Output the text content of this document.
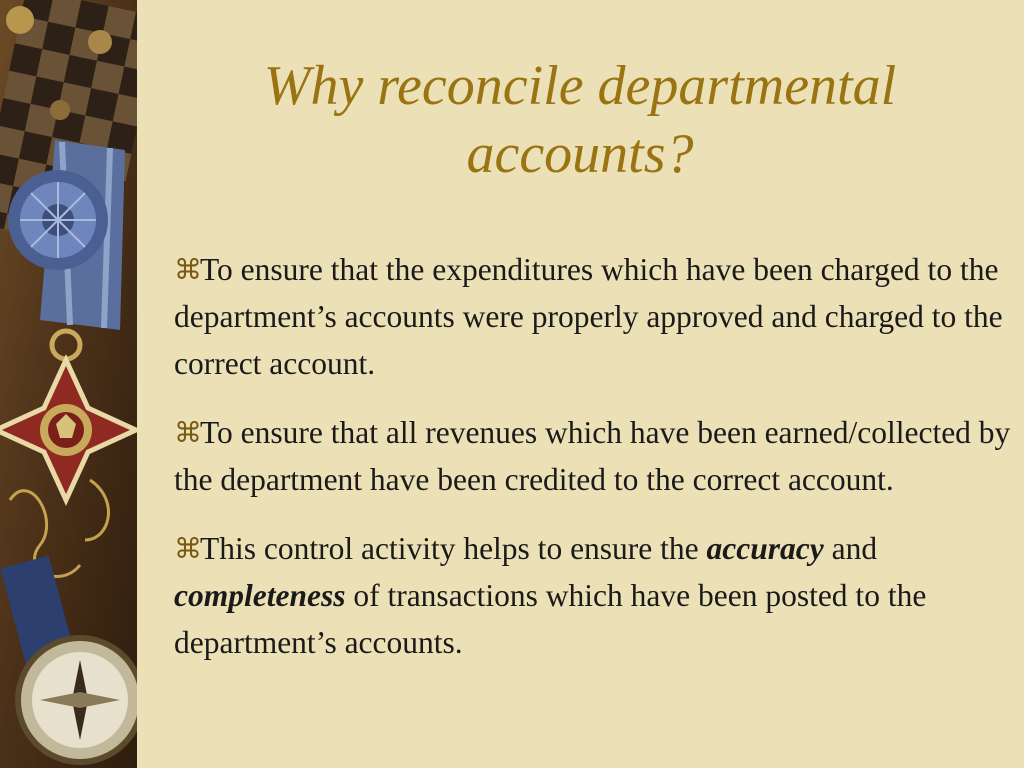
Why reconcile departmental
accounts?
⌘To ensure that the expenditures which have been charged to the department’s accounts were properly approved and charged to the correct account.
⌘To ensure that all revenues which have been earned/collected by the department have been credited to the correct account.
⌘This control activity helps to ensure the accuracy and completeness of transactions which have been posted to the department’s accounts.
